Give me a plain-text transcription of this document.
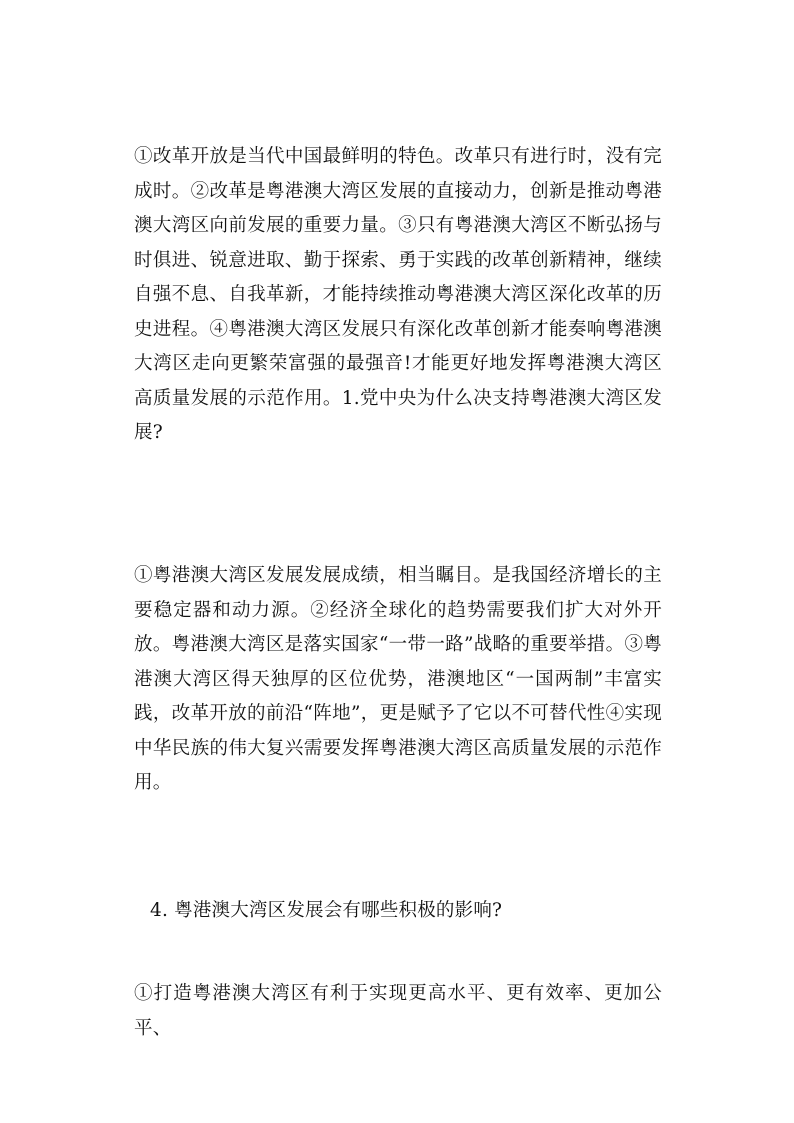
①改革开放是当代中国最鲜明的特色。改革只有进行时，没有完成时。②改革是粤港澳大湾区发展的直接动力，创新是推动粤港澳大湾区向前发展的重要力量。③只有粤港澳大湾区不断弘扬与时俱进、锐意进取、勤于探索、勇于实践的改革创新精神，继续自强不息、自我革新，才能持续推动粤港澳大湾区深化改革的历史进程。④粤港澳大湾区发展只有深化改革创新才能奏响粤港澳大湾区走向更繁荣富强的最强音!才能更好地发挥粤港澳大湾区高质量发展的示范作用。1.党中央为什么决支持粤港澳大湾区发展?

①粤港澳大湾区发展发展成绩，相当瞩目。是我国经济增长的主要稳定器和动力源。②经济全球化的趋势需要我们扩大对外开放。粤港澳大湾区是落实国家“一带一路”战略的重要举措。③粤港澳大湾区得天独厚的区位优势，港澳地区“一国两制”丰富实践，改革开放的前沿“阵地”，更是赋予了它以不可替代性④实现中华民族的伟大复兴需要发挥粤港澳大湾区高质量发展的示范作用。

4. 粤港澳大湾区发展会有哪些积极的影响?

①打造粤港澳大湾区有利于实现更高水平、更有效率、更加公平、
